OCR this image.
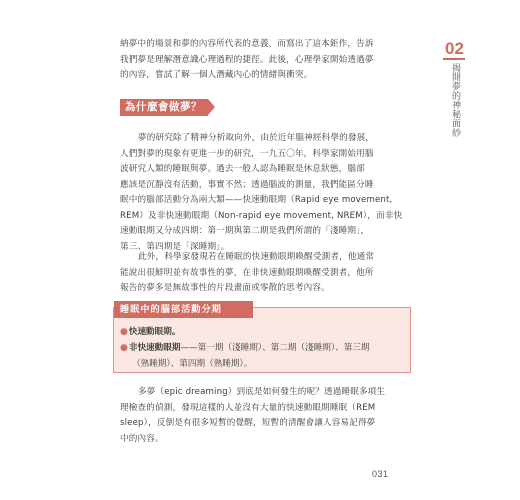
02
揭開夢的神秘面紗
納夢中的場景和夢的內容所代表的意義，而寫出了這本鉅作，告訴
我們夢是理解潛意識心理過程的捷徑。此後，心理學家開始透過夢
的內容，嘗試了解一個人潛藏內心的情緒與衝突。
為什麼會做夢？
夢的研究除了精神分析取向外，由於近年腦神經科學的發展，
人們對夢的現象有更進一步的研究，一九五〇年，科學家開始用腦
波研究人類的睡眠與夢。過去一般人認為睡眠是休息狀態，腦部
應該是沉靜沒有活動，事實不然；透過腦波的測量，我們能區分睡
眠中的腦部活動分為兩大類——快速動眼期（Rapid eye movement,
REM）及非快速動眼期（Non-rapid eye movement, NREM），而非快
速動眼期又分成四期：第一期與第二期是我們所謂的「淺睡期」，
第三、第四期是「深睡期」。
此外，科學家發現若在睡眠的快速動眼期喚醒受測者，他通常
能說出很鮮明並有故事性的夢，在非快速動眼期喚醒受測者，他所
報告的夢多是無故事性的片段畫面或零散的思考內容。
睡眠中的腦部活動分期
●快速動眼期。
●非快速動眼期——第一期（淺睡期）、第二期（淺睡期）、第三期
（熟睡期）、第四期（熟睡期）。
多夢（epic dreaming）到底是如何發生的呢？透過睡眠多項生
理檢查的偵測，發現這樣的人並沒有大量的快速動眼期睡眠（REM
sleep），反倒是有很多短暫的覺醒，短暫的清醒會讓人容易記得夢
中的內容。
031
